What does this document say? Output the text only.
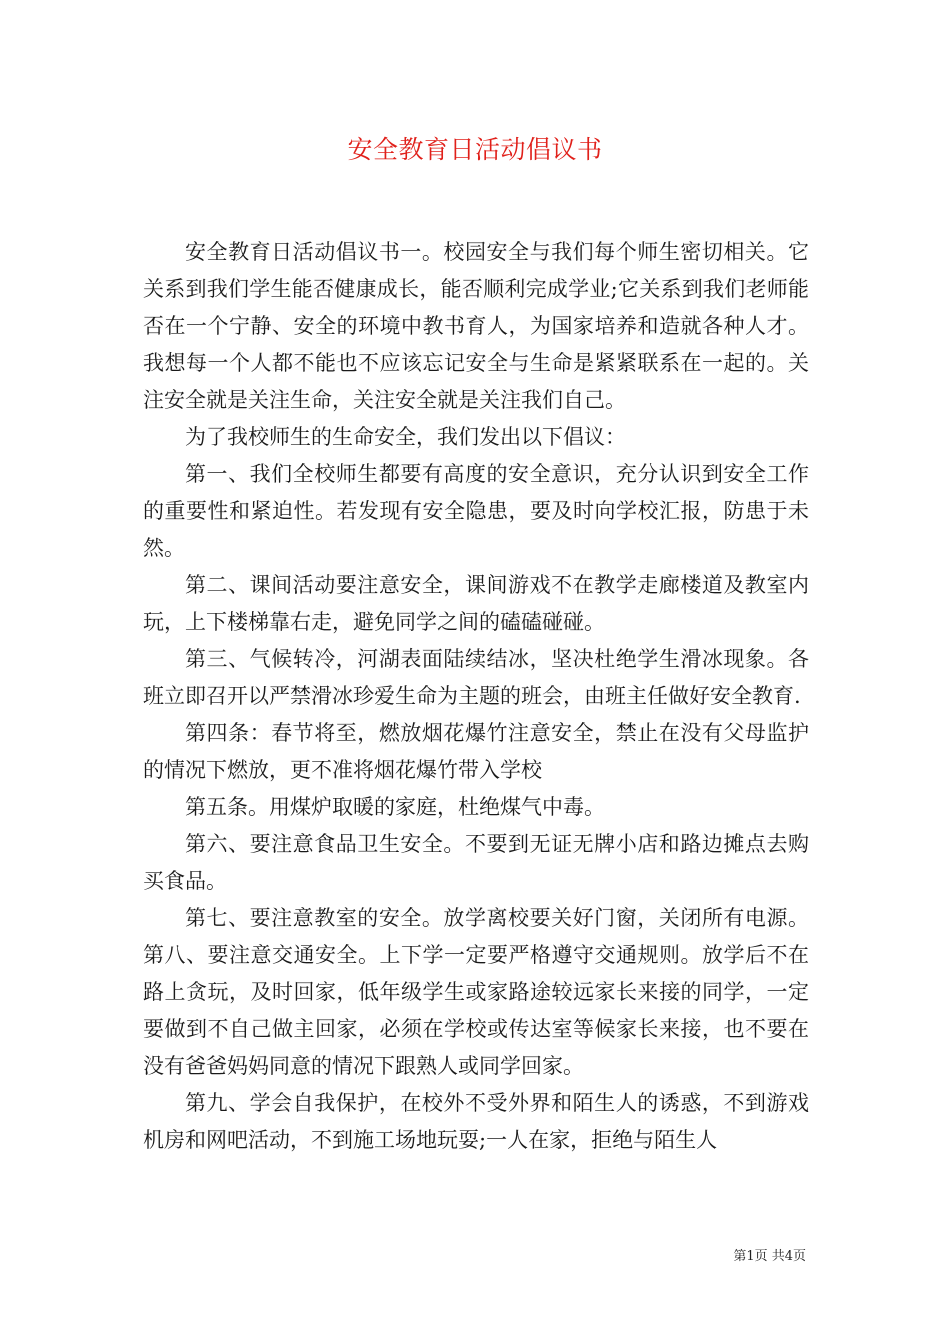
安全教育日活动倡议书

安全教育日活动倡议书一。校园安全与我们每个师生密切相关。它关系到我们学生能否健康成长，能否顺利完成学业;它关系到我们老师能否在一个宁静、安全的环境中教书育人，为国家培养和造就各种人才。我想每一个人都不能也不应该忘记安全与生命是紧紧联系在一起的。关注安全就是关注生命，关注安全就是关注我们自己。

为了我校师生的生命安全，我们发出以下倡议：

第一、我们全校师生都要有高度的安全意识，充分认识到安全工作的重要性和紧迫性。若发现有安全隐患，要及时向学校汇报，防患于未然。

第二、课间活动要注意安全，课间游戏不在教学走廊楼道及教室内玩，上下楼梯靠右走，避免同学之间的磕磕碰碰。

第三、气候转冷，河湖表面陆续结冰，坚决杜绝学生滑冰现象。各班立即召开以严禁滑冰珍爱生命为主题的班会，由班主任做好安全教育.

第四条：春节将至，燃放烟花爆竹注意安全，禁止在没有父母监护的情况下燃放，更不准将烟花爆竹带入学校

第五条。用煤炉取暖的家庭，杜绝煤气中毒。

第六、要注意食品卫生安全。不要到无证无牌小店和路边摊点去购买食品。

第七、要注意教室的安全。放学离校要关好门窗，关闭所有电源。第八、要注意交通安全。上下学一定要严格遵守交通规则。放学后不在路上贪玩，及时回家，低年级学生或家路途较远家长来接的同学，一定要做到不自己做主回家，必须在学校或传达室等候家长来接，也不要在没有爸爸妈妈同意的情况下跟熟人或同学回家。

第九、学会自我保护，在校外不受外界和陌生人的诱惑，不到游戏机房和网吧活动，不到施工场地玩耍;一人在家，拒绝与陌生人

第1页 共4页
